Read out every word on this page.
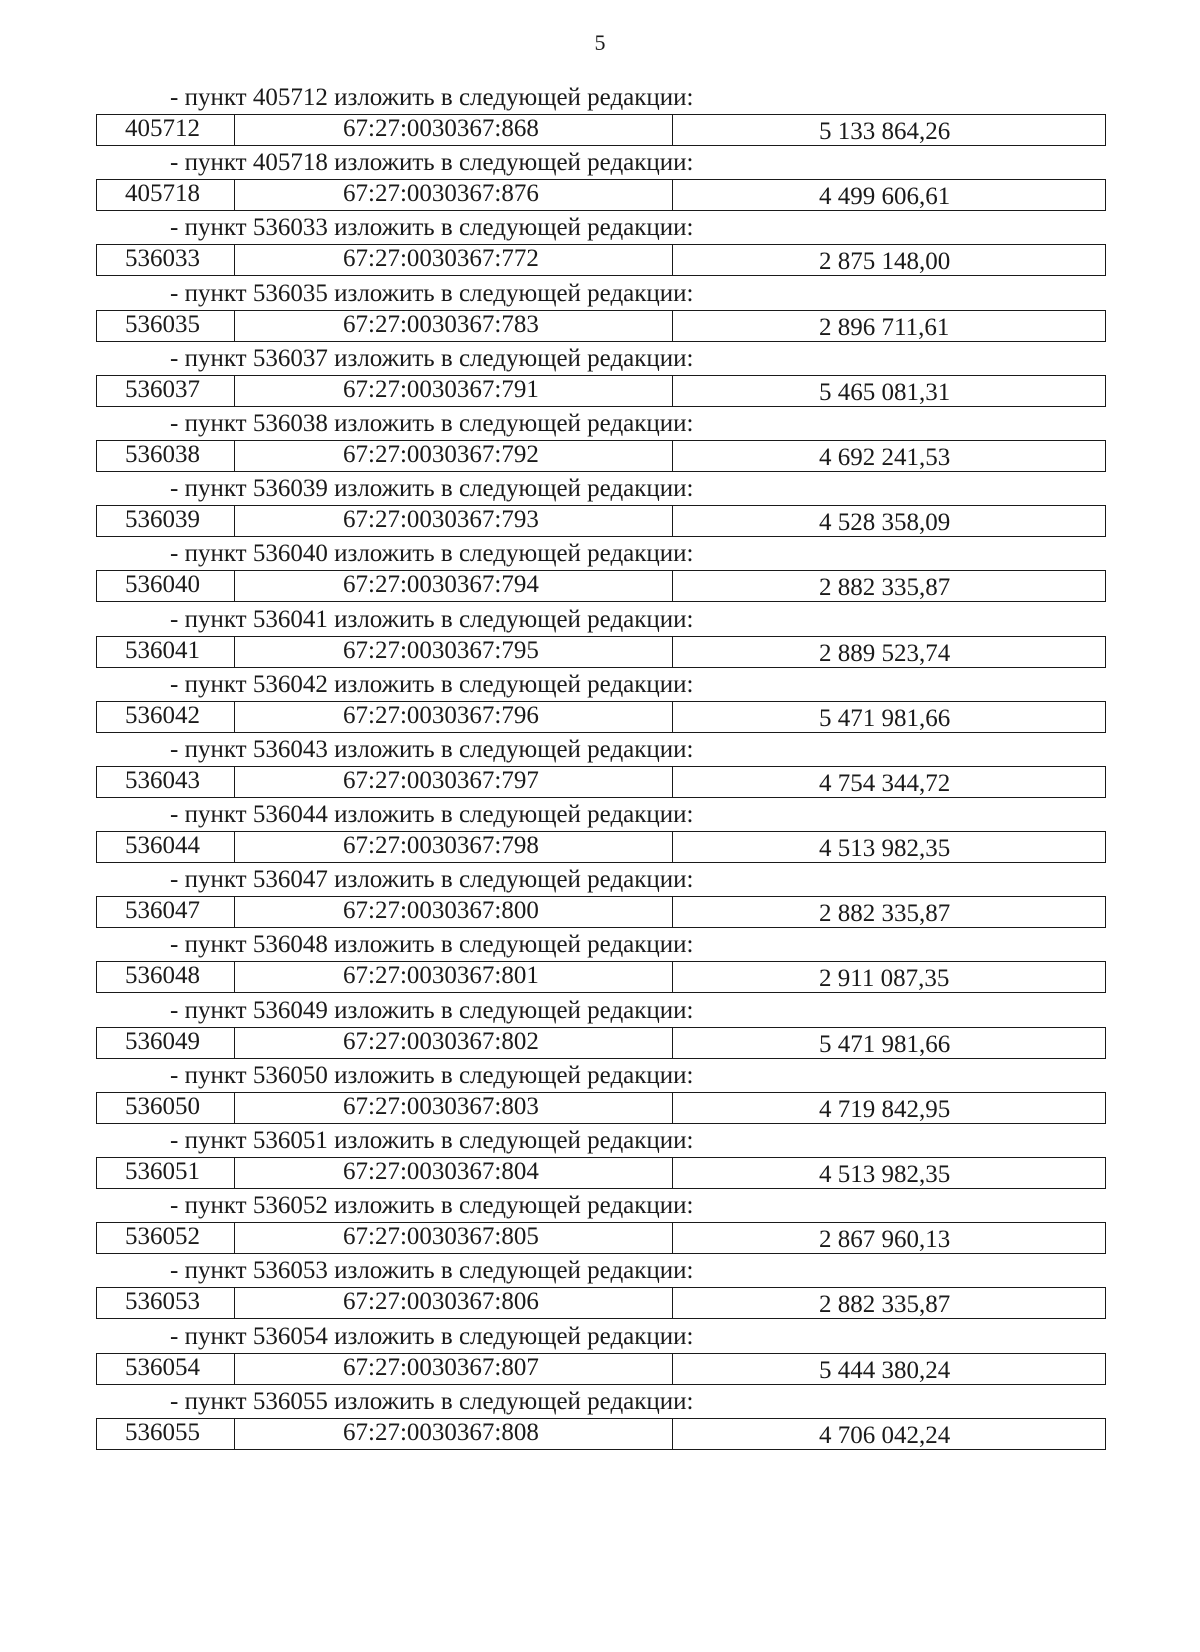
5
- пункт 405712 изложить в следующей редакции:
405712	67:27:0030367:868	5 133 864,26
- пункт 405718 изложить в следующей редакции:
405718	67:27:0030367:876	4 499 606,61
- пункт 536033 изложить в следующей редакции:
536033	67:27:0030367:772	2 875 148,00
- пункт 536035 изложить в следующей редакции:
536035	67:27:0030367:783	2 896 711,61
- пункт 536037 изложить в следующей редакции:
536037	67:27:0030367:791	5 465 081,31
- пункт 536038 изложить в следующей редакции:
536038	67:27:0030367:792	4 692 241,53
- пункт 536039 изложить в следующей редакции:
536039	67:27:0030367:793	4 528 358,09
- пункт 536040 изложить в следующей редакции:
536040	67:27:0030367:794	2 882 335,87
- пункт 536041 изложить в следующей редакции:
536041	67:27:0030367:795	2 889 523,74
- пункт 536042 изложить в следующей редакции:
536042	67:27:0030367:796	5 471 981,66
- пункт 536043 изложить в следующей редакции:
536043	67:27:0030367:797	4 754 344,72
- пункт 536044 изложить в следующей редакции:
536044	67:27:0030367:798	4 513 982,35
- пункт 536047 изложить в следующей редакции:
536047	67:27:0030367:800	2 882 335,87
- пункт 536048 изложить в следующей редакции:
536048	67:27:0030367:801	2 911 087,35
- пункт 536049 изложить в следующей редакции:
536049	67:27:0030367:802	5 471 981,66
- пункт 536050 изложить в следующей редакции:
536050	67:27:0030367:803	4 719 842,95
- пункт 536051 изложить в следующей редакции:
536051	67:27:0030367:804	4 513 982,35
- пункт 536052 изложить в следующей редакции:
536052	67:27:0030367:805	2 867 960,13
- пункт 536053 изложить в следующей редакции:
536053	67:27:0030367:806	2 882 335,87
- пункт 536054 изложить в следующей редакции:
536054	67:27:0030367:807	5 444 380,24
- пункт 536055 изложить в следующей редакции:
536055	67:27:0030367:808	4 706 042,24
